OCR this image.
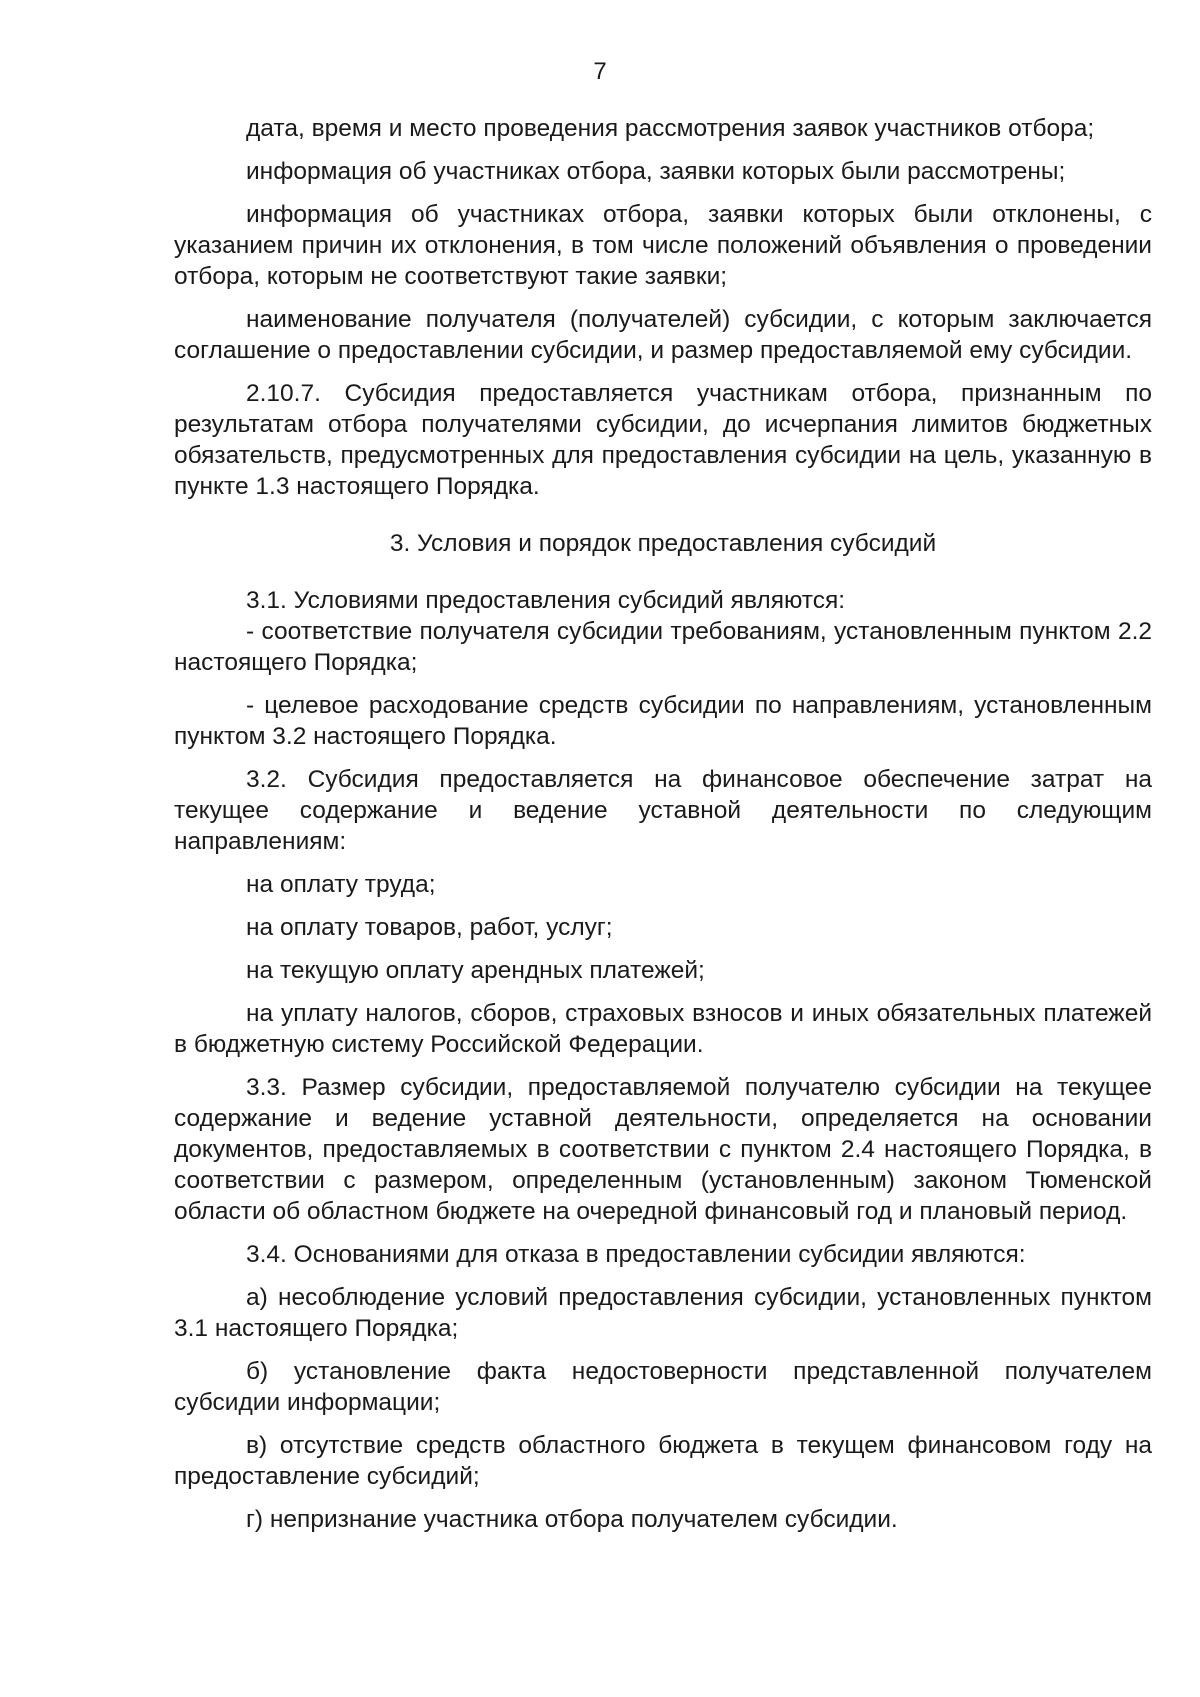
7

дата, время и место проведения рассмотрения заявок участников отбора;

информация об участниках отбора, заявки которых были рассмотрены;

информация об участниках отбора, заявки которых были отклонены, с указанием причин их отклонения, в том числе положений объявления о проведении отбора, которым не соответствуют такие заявки;

наименование получателя (получателей) субсидии, с которым заключается соглашение о предоставлении субсидии, и размер предоставляемой ему субсидии.

2.10.7. Субсидия предоставляется участникам отбора, признанным по результатам отбора получателями субсидии, до исчерпания лимитов бюджетных обязательств, предусмотренных для предоставления субсидии на цель, указанную в пункте 1.3 настоящего Порядка.

3. Условия и порядок предоставления субсидий

3.1. Условиями предоставления субсидий являются:

- соответствие получателя субсидии требованиям, установленным пунктом 2.2 настоящего Порядка;

- целевое расходование средств субсидии по направлениям, установленным пунктом 3.2 настоящего Порядка.

3.2. Субсидия предоставляется на финансовое обеспечение затрат на текущее содержание и ведение уставной деятельности по следующим направлениям:

на оплату труда;

на оплату товаров, работ, услуг;

на текущую оплату арендных платежей;

на уплату налогов, сборов, страховых взносов и иных обязательных платежей в бюджетную систему Российской Федерации.

3.3. Размер субсидии, предоставляемой получателю субсидии на текущее содержание и ведение уставной деятельности, определяется на основании документов, предоставляемых в соответствии с пунктом 2.4 настоящего Порядка, в соответствии с размером, определенным (установленным) законом Тюменской области об областном бюджете на очередной финансовый год и плановый период.

3.4. Основаниями для отказа в предоставлении субсидии являются:

а) несоблюдение условий предоставления субсидии, установленных пунктом 3.1 настоящего Порядка;

б) установление факта недостоверности представленной получателем субсидии информации;

в) отсутствие средств областного бюджета в текущем финансовом году на предоставление субсидий;

г) непризнание участника отбора получателем субсидии.
